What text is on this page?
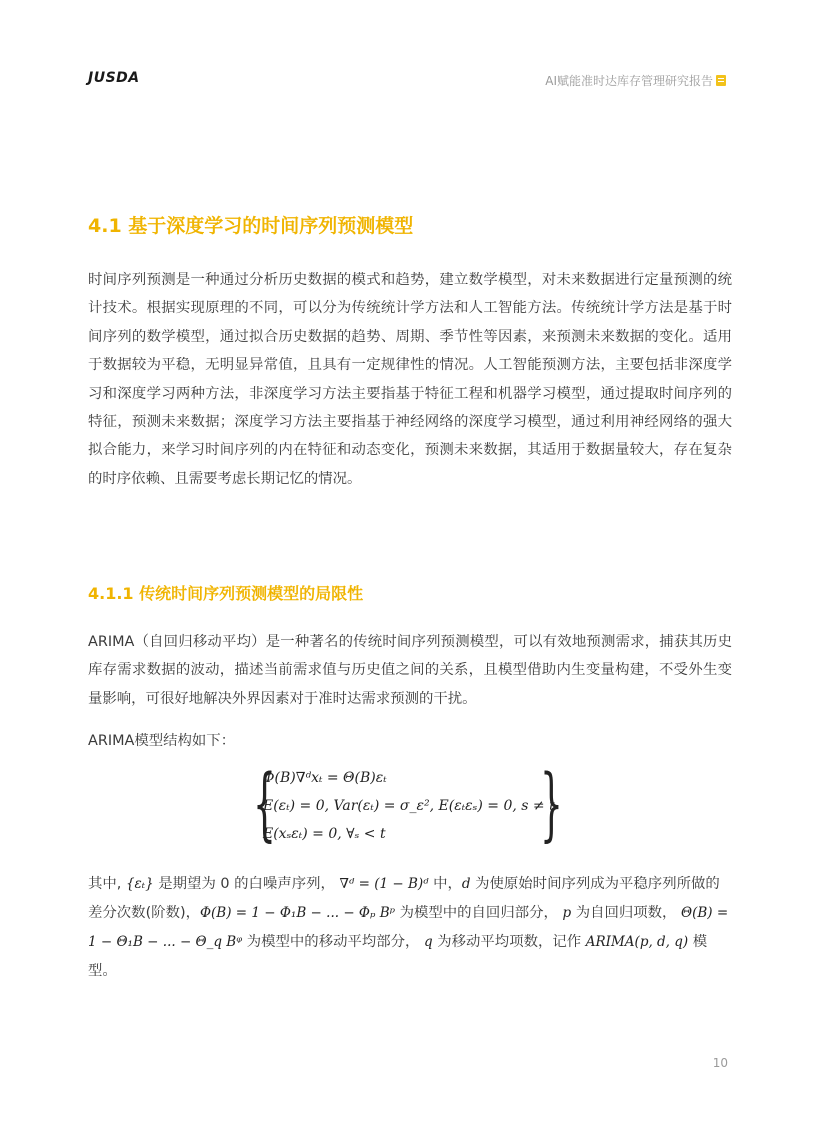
JUSDA	AI赋能准时达库存管理研究报告
4.1 基于深度学习的时间序列预测模型

时间序列预测是一种通过分析历史数据的模式和趋势，建立数学模型，对未来数据进行定量预测的统计技术。根据实现原理的不同，可以分为传统统计学方法和人工智能方法。传统统计学方法是基于时间序列的数学模型，通过拟合历史数据的趋势、周期、季节性等因素，来预测未来数据的变化。适用于数据较为平稳，无明显异常值，且具有一定规律性的情况。人工智能预测方法，主要包括非深度学习和深度学习两种方法，非深度学习方法主要指基于特征工程和机器学习模型，通过提取时间序列的特征，预测未来数据；深度学习方法主要指基于神经网络的深度学习模型，通过利用神经网络的强大拟合能力，来学习时间序列的内在特征和动态变化，预测未来数据，其适用于数据量较大，存在复杂的时序依赖、且需要考虑长期记忆的情况。

4.1.1 传统时间序列预测模型的局限性

ARIMA（自回归移动平均）是一种著名的传统时间序列预测模型，可以有效地预测需求，捕获其历史库存需求数据的波动，描述当前需求值与历史值之间的关系，且模型借助内生变量构建，不受外生变量影响，可很好地解决外界因素对于准时达需求预测的干扰。

ARIMA模型结构如下：

{
Φ(B)∇ᵈxₜ = Θ(B)εₜ
E(εₜ) = 0, Var(εₜ) = σ_ε², E(εₜεₛ) = 0, s ≠ t
E(xₛεₜ) = 0, ∀ₛ < t }
其中, {εₜ} 是期望为 0 的白噪声序列， ∇ᵈ = (1 − B)ᵈ 中，d 为使原始时间序列成为平稳序列所做的差分次数(阶数)，Φ(B) = 1 − Φ₁B − ... − Φₚ Bᵖ 为模型中的自回归部分， p 为自回归项数， Θ(B) = 1 − Θ₁B − ... − Θ_q Bᵠ 为模型中的移动平均部分， q 为移动平均项数，记作 ARIMA(p, d, q) 模型。
10
